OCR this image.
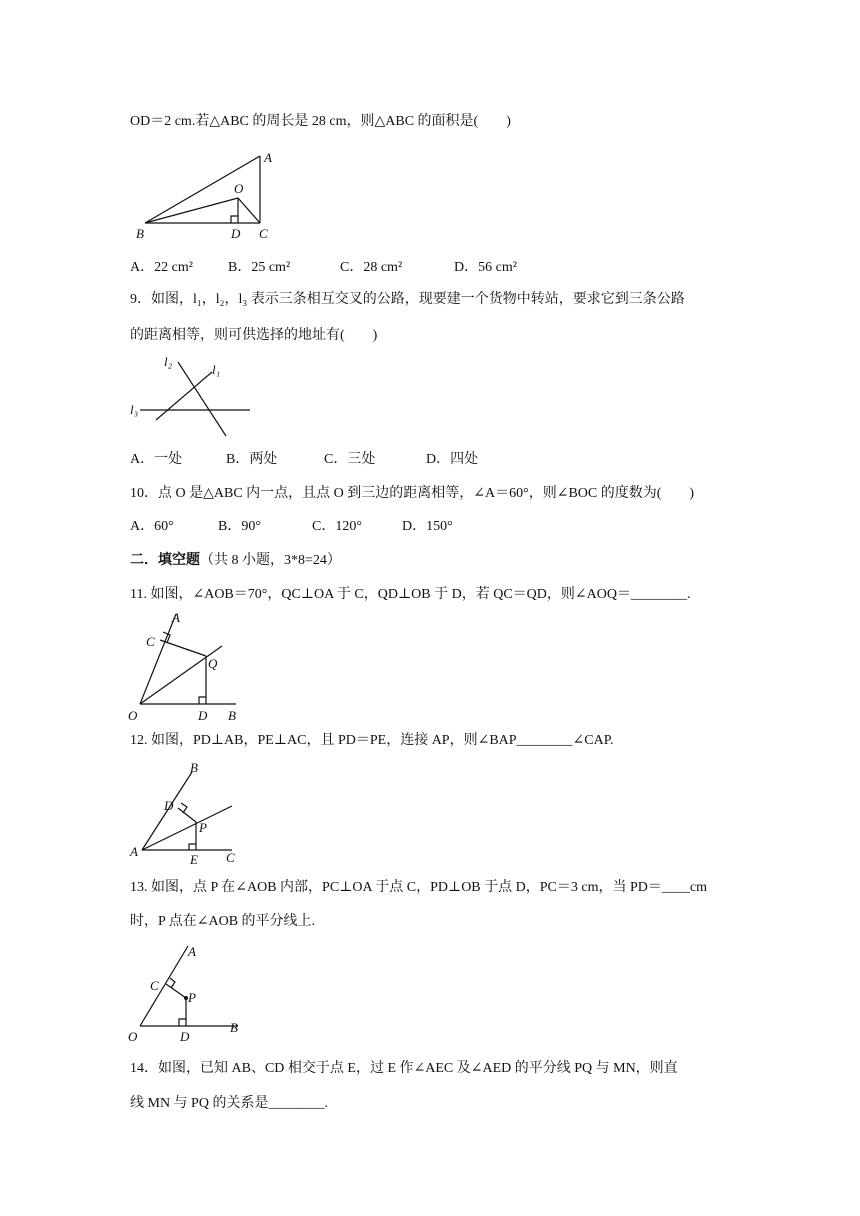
OD＝2 cm.若△ABC 的周长是 28 cm，则△ABC 的面积是(　　)
A
B	C
D
O
A．22 cm²	B．25 cm²	C．28 cm²	D．56 cm²
9．如图，l₁，l₂，l₃ 表示三条相互交叉的公路，现要建一个货物中转站，要求它到三条公路
的距离相等，则可供选择的地址有(　　)
l₂
l₁
l₃
A．一处	B．两处	C．三处	D．四处
10．点 O 是△ABC 内一点，且点 O 到三边的距离相等，∠A＝60°，则∠BOC 的度数为(　　)
A．60°	B．90°	C．120°	D．150°
二．填空题（共 8 小题，3*8=24）
11. 如图，∠AOB＝70°，QC⊥OA 于 C，QD⊥OB 于 D，若 QC＝QD，则∠AOQ＝________.
A
C
Q
O	D B
12. 如图，PD⊥AB，PE⊥AC，且 PD＝PE，连接 AP，则∠BAP________∠CAP.
B
D
P
A
E C
13. 如图，点 P 在∠AOB 内部，PC⊥OA 于点 C，PD⊥OB 于点 D，PC＝3 cm，当 PD＝____cm
时，P 点在∠AOB 的平分线上.
A
C
P
O	D
B
14．如图，已知 AB、CD 相交于点 E，过 E 作∠AEC 及∠AED 的平分线 PQ 与 MN，则直
线 MN 与 PQ 的关系是________.
